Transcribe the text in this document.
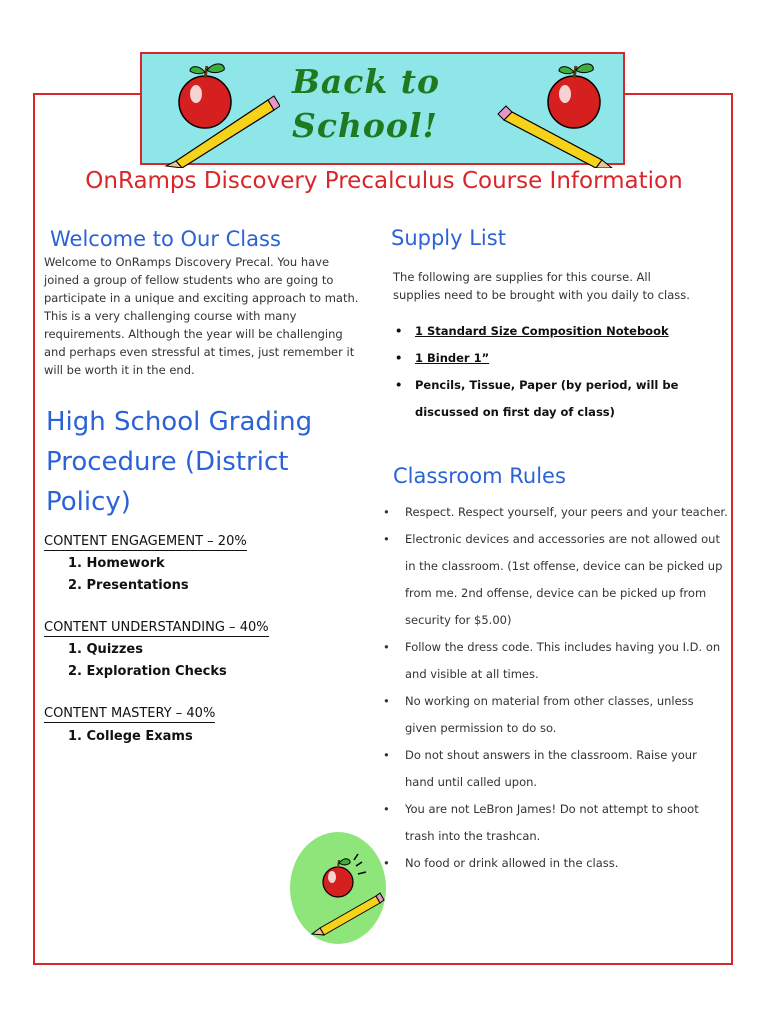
Back to
School!
OnRamps Discovery Precalculus Course Information
Welcome to Our Class

Welcome to OnRamps Discovery Precal. You have joined a group of fellow students who are going to participate in a unique and exciting approach to math. This is a very challenging course with many requirements. Although the year will be challenging and perhaps even stressful at times, just remember it will be worth it in the end.

High School Grading Procedure (District Policy)
CONTENT ENGAGEMENT – 20%
1. Homework
2. Presentations
CONTENT UNDERSTANDING – 40%
1. Quizzes
2. Exploration Checks
CONTENT MASTERY – 40%
1. College Exams
Supply List

The following are supplies for this course. All supplies need to be brought with you daily to class.

• 1 Standard Size Composition Notebook
• 1 Binder 1”
• Pencils, Tissue, Paper (by period, will be discussed on first day of class)
Classroom Rules
• Respect. Respect yourself, your peers and your teacher.
• Electronic devices and accessories are not allowed out in the classroom. (1st offense, device can be picked up from me. 2nd offense, device can be picked up from security for $5.00)
• Follow the dress code. This includes having you I.D. on and visible at all times.
• No working on material from other classes, unless given permission to do so.
• Do not shout answers in the classroom. Raise your hand until called upon.
• You are not LeBron James! Do not attempt to shoot trash into the trashcan.
• No food or drink allowed in the class.
